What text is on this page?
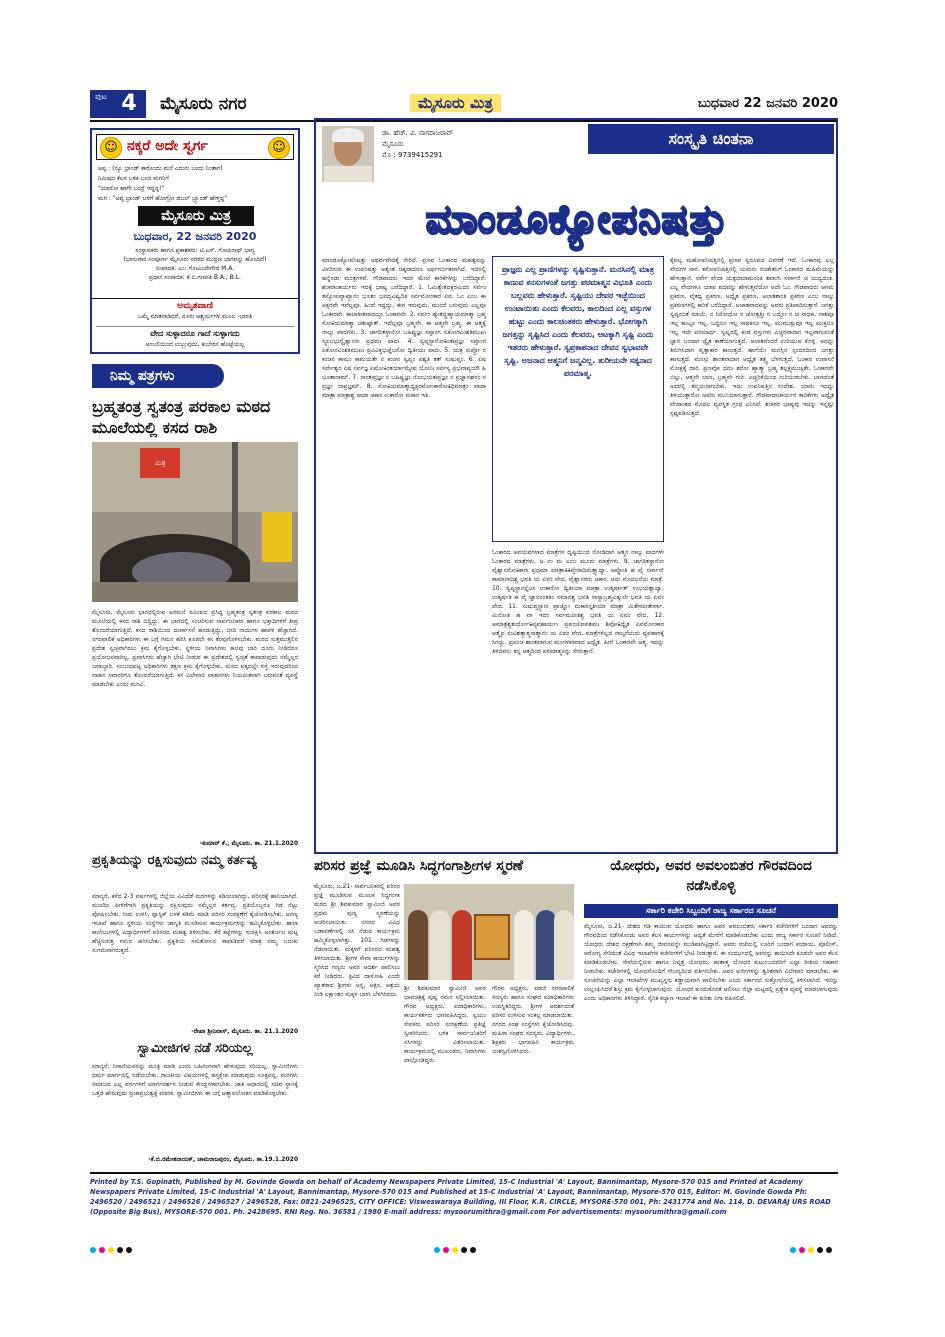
ಪುಟ 4	ಮೈಸೂರು ನಗರ	ಮೈಸೂರು ಮಿತ್ರ	ಬುಧವಾರ 22 ಜನವರಿ 2020
☺ ನಕ್ಕರೆ ಅದೇ ಸ್ವರ್ಗ	☺
ಅಪ್ಪ : (ನ್ಯೂ ಬ್ರಾಂಡ್ ಕಾರೊಂದು ಮನೆ ಎದುರು ಬಂದು ನಿಂತಾಗ)
ನಿಮಿಷದ ಕೆಲಸ ಬಳಿಕ ಬಂದ ಮಗನಿಗೆ
"ಯಾರೋ ಹಾಗೇ ಬಂದ್ರೆ ಇದ್ದನ್ನ!"
ಮಗ : "ಅಪ್ಪ ಬ್ರಾಂಡ್ ಬಳಿಗೆ ಹೋಗ್ರೋ ಡಬಲ್ ಬ್ರ್ಯಾಂಡ್ ಹೇಳ್ತಿದ್ದ"
ಮೈಸೂರು ಮಿತ್ರ
ಬುಧವಾರ, 22 ಜನವರಿ 2020
ಸಂಸ್ಥಾಪಕರು ಹಾಗೂ ಪ್ರಕಾಶಕರು: ಟಿ.ಎಸ್. ಗೋಪಿನಾಥ್ ಭಾಗ್ಯ
(ಭಾನುವಾರ ಸಂಪೂರ್ಣ ಮೈಸೂರು ನಗರದ ಮುದ್ರಣ ಭಾಗವನ್ನು ಹೊಂದಿದೆ)
ಸಂಪಾದಕ: ಎಂ. ಗೋವಿಂದೇಗೌಡ M.A.
ಪ್ರಧಾನ ಸಂಪಾದಕ: ಕೆ.ಬಿ.ಗಣಪತಿ B.A.; B.L.
ಅಮೃತವಾಣಿ
ಒಮ್ಮೆ ಮಾತನಾಡಿದರೆ, ನೂರು ಆಶ್ಚರ್ಯಗಳ ಮೂಲ -ಭಾರತಿ
ವೇದ ಸುಳ್ಳಾದರೂ ಗಾದೆ ಸುಳ್ಳಾಗದು
ಅಂಬಲಿಯಿಂದ ಉಬ್ಬುವುದು, ಕುಬೇರನ ಹೊಟ್ಟೆಯಲ್ಲ
ನಿಮ್ಮ ಪತ್ರಗಳು
ಬ್ರಹ್ಮತಂತ್ರ ಸ್ವತಂತ್ರ ಪರಕಾಲ ಮಠದ ಮೂಲೆಯಲ್ಲಿ ಕಸದ ರಾಶಿ
ಮಿತ್ರ
ಮೈಸೂರು, ಮೈಸೂರು ಭಾಗದಲ್ಲಿರುವ ಅರಮನೆ ಸಮೀಪದ ಪ್ರಸಿದ್ಧ ಬ್ರಹ್ಮತಂತ್ರ ಸ್ವತಂತ್ರ ಪರಕಾಲ ಮಠದ ಮೂಲೆಯಲ್ಲಿ ಕಸದ ರಾಶಿ ಬಿದ್ದಿದ್ದು, ಈ ಭಾಗದಲ್ಲಿ ಸಂಚರಿಸುವ ಸಾರ್ವಜನಿಕರು ಹಾಗೂ ಭಕ್ತಾದಿಗಳಿಗೆ ತೀವ್ರ ತೊಂದರೆಯಾಗುತ್ತಿದೆ. ಕಸದ ರಾಶಿಯಿಂದ ದುರ್ವಾಸನೆ ಹರಡುತ್ತಿದ್ದು, ಬೀದಿ ನಾಯಿಗಳ ಹಾವಳಿ ಹೆಚ್ಚಾಗಿದೆ. ನಗರಪಾಲಿಕೆ ಅಧಿಕಾರಿಗಳು ಈ ಬಗ್ಗೆ ಗಮನ ಹರಿಸಿ ಕೂಡಲೇ ಕಸ ತೆರವುಗೊಳಿಸಬೇಕು. ಮಠದ ಸುತ್ತಮುತ್ತಲಿನ ಪ್ರದೇಶ ಸ್ವಚ್ಛವಾಗಿರಲು ಕ್ರಮ ಕೈಗೊಳ್ಳಬೇಕು. ಸ್ಥಳೀಯ ನಿವಾಸಿಗಳು ಹಲವು ಬಾರಿ ದೂರು ನೀಡಿದರೂ ಪ್ರಯೋಜನವಾಗಿಲ್ಲ. ಪ್ರವಾಸಿಗರು ಹೆಚ್ಚಾಗಿ ಭೇಟಿ ನೀಡುವ ಈ ಪ್ರದೇಶದಲ್ಲಿ ಸ್ವಚ್ಛತೆ ಕಾಪಾಡುವುದು ನಮ್ಮೆಲ್ಲರ ಜವಾಬ್ದಾರಿ. ಸಂಬಂಧಪಟ್ಟ ಅಧಿಕಾರಿಗಳು ತಕ್ಷಣ ಕ್ರಮ ಕೈಗೊಳ್ಳಬೇಕು. ಮಠದ ಪಕ್ಕದಲ್ಲೇ ರಸ್ತೆ ಇರುವುದರಿಂದ ವಾಹನ ಸವಾರರಿಗೂ ತೊಂದರೆಯಾಗುತ್ತಿದೆ. ಕಸ ವಿಲೇವಾರಿ ವಾಹನಗಳು ನಿಯಮಿತವಾಗಿ ಬರುವಂತೆ ವ್ಯವಸ್ಥೆ ಮಾಡಬೇಕು ಎಂದು ಮನವಿ.
-ಕುಮಾರ್ ಕೆ., ಮೈಸೂರು. ತಾ. 21.1.2020
ಪ್ರಕೃತಿಯನ್ನು ರಕ್ಷಿಸುವುದು ನಮ್ಮ ಕರ್ತವ್ಯ
ಮಾನ್ಯರೆ, ಕಳೆದ 2-3 ವರ್ಷಗಳಲ್ಲಿ ಜಿಲ್ಲೆಯ ವಿವಿಧೆಡೆ ಮರಗಳನ್ನು ಕಡಿಯಲಾಗಿದ್ದು, ಪರಿಸರಕ್ಕೆ ಹಾನಿಯಾಗಿದೆ. ಮುಂದಿನ ಪೀಳಿಗೆಗಾಗಿ ಪ್ರಕೃತಿಯನ್ನು ರಕ್ಷಿಸುವುದು ನಮ್ಮೆಲ್ಲರ ಕರ್ತವ್ಯ. ಪ್ರತಿಯೊಬ್ಬರೂ ಗಿಡ ನೆಟ್ಟು ಪೋಷಿಸಬೇಕು. ನೀರು ಉಳಿಸಿ, ಪ್ಲಾಸ್ಟಿಕ್ ಬಳಕೆ ಕಡಿಮೆ ಮಾಡಿ ಪರಿಸರ ಸಂರಕ್ಷಣೆಗೆ ಕೈಜೋಡಿಸಬೇಕು. ಅರಣ್ಯ ಇಲಾಖೆ ಹಾಗೂ ಸ್ಥಳೀಯ ಸಂಸ್ಥೆಗಳು ಜಾಗೃತಿ ಮೂಡಿಸುವ ಕಾರ್ಯಕ್ರಮಗಳನ್ನು ಹಮ್ಮಿಕೊಳ್ಳಬೇಕು. ಶಾಲಾ ಕಾಲೇಜುಗಳಲ್ಲಿ ವಿದ್ಯಾರ್ಥಿಗಳಿಗೆ ಪರಿಸರದ ಮಹತ್ವ ತಿಳಿಸಬೇಕು. ಕೆರೆ ಕಟ್ಟೆಗಳನ್ನು ಸಂರಕ್ಷಿಸಿ ಅಂತರ್ಜಲ ಮಟ್ಟ ಹೆಚ್ಚಿಸುವತ್ತ ಗಮನ ಹರಿಸಬೇಕು. ಪ್ರಕೃತಿಯ ಸಮತೋಲನ ಕಾಪಾಡಿದರೆ ಮಾತ್ರ ನಮ್ಮ ಬದುಕು ಸುಗಮವಾಗಿರುತ್ತದೆ.
-ರೇಖಾ ಶ್ರೀನಿವಾಸ್, ಮೈಸೂರು. ತಾ. 21.1.2020
ಸ್ವಾಮೀಜಿಗಳ ನಡೆ ಸರಿಯಲ್ಲ
ಮಾನ್ಯರೆ, ನಿರಾಣಿಯವರನ್ನು ಮಂತ್ರಿ ಮಾಡಿ ಎಂದು ಬಹಿರಂಗವಾಗಿ ಹೇಳುವುದು ಸರಿಯಲ್ಲ. ಸ್ವಾಮೀಜಿಗಳು ಧರ್ಮ ಮಾರ್ಗದಲ್ಲಿ ನಡೆಯಬೇಕು. ರಾಜಕೀಯ ವಿಷಯಗಳಲ್ಲಿ ಹಸ್ತಕ್ಷೇಪ ಮಾಡುವುದು ಸೂಕ್ತವಲ್ಲ. ಮಠಗಳು ಸಮಾಜದ ಎಲ್ಲ ವರ್ಗಗಳಿಗೆ ಮಾರ್ಗದರ್ಶನ ನೀಡುವ ಕೇಂದ್ರಗಳಾಗಬೇಕು. ಜಾತಿ ಆಧಾರದಲ್ಲಿ ಸಚಿವ ಸ್ಥಾನಕ್ಕೆ ಒತ್ತಡ ಹೇರುವುದು ಪ್ರಜಾಪ್ರಭುತ್ವಕ್ಕೆ ಮಾರಕ. ಸ್ವಾಮೀಜಿಗಳು ಈ ಬಗ್ಗೆ ಆತ್ಮಾವಲೋಕನ ಮಾಡಿಕೊಳ್ಳಬೇಕು.
-ಕೆ.ಬಿ.ರಮೇಶನಾಯಕ್, ಚಾಮರಾಜಪುರಂ, ಮೈಸೂರು. ತಾ.19.1.2020
ಡಾ. ಹೆಚ್. ವಿ. ನಾಗರಾಜರಾವ್
ಮೈಸೂರು
ಮೊ : 9739415291
ಸಂಸ್ಕೃತಿ ಚಿಂತನಾ
ಮಾಂಡೂಕ್ಯೋಪನಿಷತ್ತು
ಮಾಂಡೂಕ್ಯೋಪನಿಷತ್ತು ಅಥರ್ವವೇದಕ್ಕೆ ಸೇರಿದೆ. ಪ್ರಣವ ಓಂಕಾರದ ಮಹತ್ವವನ್ನು ವಿವರಿಸುವ ಈ ಉಪನಿಷತ್ತು ಅತ್ಯಂತ ಚಿಕ್ಕದಾದರೂ ಅರ್ಥಗರ್ಭಿತವಾಗಿದೆ. ಇದರಲ್ಲಿ ಹನ್ನೆರಡು ಮಂತ್ರಗಳಿವೆ. ಗೌಡಪಾದರು ಇದರ ಮೇಲೆ ಕಾರಿಕೆಗಳನ್ನು ಬರೆದಿದ್ದಾರೆ. ಶಂಕರಾಚಾರ್ಯರು ಇದಕ್ಕೆ ಭಾಷ್ಯ ಬರೆದಿದ್ದಾರೆ. 1. ಓಮಿತ್ಯೇತದಕ್ಷರಮಿದಂ ಸರ್ವಂ ತಸ್ಯೋಪವ್ಯಾಖ್ಯಾನಂ ಭೂತಂ ಭವದ್ಭವಿಷ್ಯದಿತಿ ಸರ್ವಮೋಂಕಾರ ಏವ. ಓಂ ಎಂಬ ಈ ಅಕ್ಷರವೇ ಇವೆಲ್ಲವೂ. ಹಿಂದೆ ಇದ್ದದ್ದು, ಈಗ ಇರುವುದು, ಮುಂದೆ ಬರುವುದು ಎಲ್ಲವೂ ಓಂಕಾರವೇ. ಕಾಲಾತೀತವಾದದ್ದೂ ಓಂಕಾರವೇ. 2. ಸರ್ವಂ ಹ್ಯೇತದ್ಬ್ರಹ್ಮಾಯಮಾತ್ಮಾ ಬ್ರಹ್ಮ ಸೋಽಯಮಾತ್ಮಾ ಚತುಷ್ಪಾತ್. ಇದೆಲ್ಲವೂ ಬ್ರಹ್ಮವೇ. ಈ ಆತ್ಮವೇ ಬ್ರಹ್ಮ. ಈ ಆತ್ಮಕ್ಕೆ ನಾಲ್ಕು ಪಾದಗಳು. 3. ಜಾಗರಿತಸ್ಥಾನೋ ಬಹಿಷ್ಪ್ರಜ್ಞಃ ಸಪ್ತಾಂಗ ಏಕೋನವಿಂಶತಿಮುಖಃ ಸ್ಥೂಲಭುಗ್ವೈಶ್ವಾನರಃ ಪ್ರಥಮಃ ಪಾದಃ. 4. ಸ್ವಪ್ನಸ್ಥಾನೋಽಂತಃಪ್ರಜ್ಞಃ ಸಪ್ತಾಂಗ ಏಕೋನವಿಂಶತಿಮುಖಃ ಪ್ರವಿವಿಕ್ತಭುಕ್ತೈಜಸೋ ದ್ವಿತೀಯಃ ಪಾದಃ. 5. ಯತ್ರ ಸುಪ್ತೋ ನ ಕಂಚನ ಕಾಮಂ ಕಾಮಯತೇ ನ ಕಂಚನ ಸ್ವಪ್ನಂ ಪಶ್ಯತಿ ತತ್ ಸುಷುಪ್ತಂ. 6. ಏಷ ಸರ್ವೇಶ್ವರ ಏಷ ಸರ್ವಜ್ಞ ಏಷೋಽಂತರ್ಯಾಮ್ಯೇಷ ಯೋನಿಃ ಸರ್ವಸ್ಯ ಪ್ರಭವಾಪ್ಯಯೌ ಹಿ ಭೂತಾನಾಮ್. 7. ನಾಂತಃಪ್ರಜ್ಞಂ ನ ಬಹಿಷ್ಪ್ರಜ್ಞಂ ನೋಭಯತಃಪ್ರಜ್ಞಂ ನ ಪ್ರಜ್ಞಾನಘನಂ ನ ಪ್ರಜ್ಞಂ ನಾಪ್ರಜ್ಞಮ್. 8. ಸೋಽಯಮಾತ್ಮಾಧ್ಯಕ್ಷರಮೋಂಕಾರೋಽಧಿಮಾತ್ರಂ ಪಾದಾ ಮಾತ್ರಾ ಮಾತ್ರಾಶ್ಚ ಪಾದಾ ಅಕಾರ ಉಕಾರೋ ಮಕಾರ ಇತಿ.
ಪ್ರಾಜ್ಞರು ಎಲ್ಲ ಪ್ರಾಣಿಗಳನ್ನು ಸೃಷ್ಟಿಸುತ್ತಾನೆ. ಮನಸಿನಲ್ಲಿ ಮಾತ್ರ ಕಾಣುವ ಕನಸುಗಳಂತೆ ಜಗತ್ತು ಪರಮಾತ್ಮನ ವಿಭೂತಿ ಎಂದು ಬಲ್ಲವರು ಹೇಳುತ್ತಾರೆ. ಸೃಷ್ಟಿಯು ದೇವರ ಇಚ್ಛೆಯಿಂದ ಉಂಟಾಯಿತು ಎಂದು ಕೆಲವರು, ಕಾಲದಿಂದ ಎಲ್ಲ ವಸ್ತುಗಳ ಹುಟ್ಟು ಎಂದು ಕಾಲಚಿಂತಕರು ಹೇಳುತ್ತಾರೆ. ಭೋಗಕ್ಕಾಗಿ ಜಗತ್ತನ್ನು ಸೃಷ್ಟಿಸಿದ ಎಂದು ಕೆಲವರು, ಆಟಕ್ಕಾಗಿ ಸೃಷ್ಟಿ ಎಂದು ಇತರರು ಹೇಳುತ್ತಾರೆ. ಸ್ವಪ್ರಕಾಶನಾದ ದೇವನ ಸ್ವಭಾವವೇ ಸೃಷ್ಟಿ. ಅಜನಾದ ಆತ್ಮನಿಗೆ ಜನ್ಮವಿಲ್ಲ. ತುರೀಯನೇ ಸತ್ಯನಾದ ಪರಮಾತ್ಮ.
ಓಂಕಾರದ ಅವಯವಗಳಾದ ಮಾತ್ರೆಗಳ ದೃಷ್ಟಿಯಿಂದ ನೋಡಿದಾಗ ಆತ್ಮನ ನಾಲ್ಕು ಪಾದಗಳೇ ಓಂಕಾರದ ಮಾತ್ರೆಗಳು. ಅ ಉ ಮ ಎಂಬ ಮೂರು ಮಾತ್ರೆಗಳು. 9. ಜಾಗರಿತಸ್ಥಾನೋ ವೈಶ್ವಾನರೋಽಕಾರಃ ಪ್ರಥಮಾ ಮಾತ್ರಾಽಽಪ್ತೇರಾದಿಮತ್ತ್ವಾದ್ವಾ. ಆಪ್ನೋತಿ ಹ ವೈ ಸರ್ವಾನ್ ಕಾಮಾನಾದಿಶ್ಚ ಭವತಿ ಯ ಏವಂ ವೇದ. ವೈಶ್ವಾನರನು ಅಕಾರ. ಅದು ಮೊದಲನೆಯ ಮಾತ್ರೆ. 10. ಸ್ವಪ್ನಸ್ಥಾನಸ್ತೈಜಸ ಉಕಾರೋ ದ್ವಿತೀಯಾ ಮಾತ್ರಾ ಉತ್ಕರ್ಷಾತ್ ಉಭಯತ್ವಾದ್ವಾ. ಉತ್ಕರ್ಷತಿ ಹ ವೈ ಜ್ಞಾನಸಂತತಿಂ ಸಮಾನಶ್ಚ ಭವತಿ ನಾಸ್ಯಾಬ್ರಹ್ಮವಿತ್ಕುಲೇ ಭವತಿ ಯ ಏವಂ ವೇದ. 11. ಸುಷುಪ್ತಸ್ಥಾನಃ ಪ್ರಾಜ್ಞೋ ಮಕಾರಸ್ತೃತೀಯಾ ಮಾತ್ರಾ ಮಿತೇರಪೀತೇರ್ವಾ. ಮಿನೋತಿ ಹ ವಾ ಇದಂ ಸರ್ವಮಪೀತಿಶ್ಚ ಭವತಿ ಯ ಏವಂ ವೇದ. 12. ಅಮಾತ್ರಶ್ಚತುರ್ಥೋಽವ್ಯವಹಾರ್ಯಃ ಪ್ರಪಂಚೋಪಶಮಃ ಶಿವೋಽದ್ವೈತ ಏವಮೋಂಕಾರ ಆತ್ಮೈವ ಸಂವಿಶತ್ಯಾತ್ಮನಾತ್ಮಾನಂ ಯ ಏವಂ ವೇದ. ಮಾತ್ರೆಗಳಿಲ್ಲದ ನಾಲ್ಕನೆಯದು ವ್ಯವಹಾರಕ್ಕೆ ಸಿಗದ್ದು. ಪ್ರಪಂಚ ಶಾಂತವಾಗುವ ಮಂಗಳಕರವಾದ ಅದ್ವೈತ. ಹೀಗೆ ಓಂಕಾರವೇ ಆತ್ಮ. ಇದನ್ನು ತಿಳಿದವನು ತನ್ನ ಆತ್ಮದಿಂದ ಪರಮಾತ್ಮನನ್ನು ಸೇರುತ್ತಾನೆ.
ಕೈವಲ್ಯ ಮಹೋಪನಿಷತ್ತಿನಲ್ಲಿ ಪ್ರಣವ ಸ್ವರೂಪದ ವಿವರಣೆ ಇದೆ. ಓಂಕಾರವು ಎಲ್ಲ ವೇದಗಳ ಸಾರ. ಕಠೋಪನಿಷತ್ತಿನಲ್ಲಿ ಯಮನು ನಚಿಕೇತನಿಗೆ ಓಂಕಾರದ ಮಹಿಮೆಯನ್ನು ಹೇಳುತ್ತಾನೆ. ಸರ್ವೇ ವೇದಾ ಯತ್ಪದಮಾಮನಂತಿ ತಪಾಂಸಿ ಸರ್ವಾಣಿ ಚ ಯದ್ವದಂತಿ. ಎಲ್ಲ ವೇದಗಳೂ ಯಾವ ಪದವನ್ನು ಹೇಳುತ್ತವೆಯೋ ಅದೇ ಓಂ. ಗೌಡಪಾದರು ಆಗಮ ಪ್ರಕರಣ, ವೈತಥ್ಯ ಪ್ರಕರಣ, ಅದ್ವೈತ ಪ್ರಕರಣ, ಅಲಾತಶಾಂತಿ ಪ್ರಕರಣ ಎಂಬ ನಾಲ್ಕು ಪ್ರಕರಣಗಳಲ್ಲಿ ಕಾರಿಕೆ ಬರೆದಿದ್ದಾರೆ. ಅಜಾತವಾದವನ್ನು ಅವರು ಪ್ರತಿಪಾದಿಸುತ್ತಾರೆ. ಜಗತ್ತು ಸ್ವಪ್ನದಂತೆ ಮಾಯೆ. ನ ನಿರೋಧೋ ನ ಚೋತ್ಪತ್ತಿಃ ನ ಬದ್ಧೋ ನ ಚ ಸಾಧಕಃ. ನಾಶವೂ ಇಲ್ಲ ಹುಟ್ಟೂ ಇಲ್ಲ. ಬದ್ಧನೂ ಇಲ್ಲ ಸಾಧಕನೂ ಇಲ್ಲ. ಮುಮುಕ್ಷುವೂ ಇಲ್ಲ ಮುಕ್ತನೂ ಇಲ್ಲ ಇದೇ ಪರಮಾರ್ಥ. ಸ್ವಪ್ನದಲ್ಲಿ ಕಂಡ ವಸ್ತುಗಳು ಎಚ್ಚರವಾದಾಗ ಇಲ್ಲವಾಗುವಂತೆ ಜ್ಞಾನ ಬಂದಾಗ ದ್ವೈತ ಕಾಣೆಯಾಗುತ್ತದೆ. ಅಲಾತವೆಂದರೆ ಉರಿಯುವ ಕೊಳ್ಳಿ. ಅದನ್ನು ತಿರುಗಿಸಿದಾಗ ವೃತ್ತಾಕಾರ ಕಾಣುತ್ತದೆ. ಹಾಗೆಯೇ ಮನಸ್ಸಿನ ಸ್ಪಂದನದಿಂದ ಜಗತ್ತು ಕಾಣುತ್ತದೆ. ಮನಸ್ಸು ಶಾಂತವಾದಾಗ ಅದ್ವೈತ ತತ್ತ್ವ ಬೆಳಗುತ್ತದೆ. ಓಂಕಾರ ಉಪಾಸನೆ ಮೋಕ್ಷಕ್ಕೆ ದಾರಿ. ಪ್ರಣವೋ ಧನುಃ ಶರೋ ಹ್ಯಾತ್ಮಾ ಬ್ರಹ್ಮ ತಲ್ಲಕ್ಷ್ಯಮುಚ್ಯತೇ. ಓಂಕಾರವೇ ಬಿಲ್ಲು, ಆತ್ಮವೇ ಬಾಣ, ಬ್ರಹ್ಮವೇ ಗುರಿ. ಎಚ್ಚರಿಕೆಯಿಂದ ಗುರಿಯಿಡಬೇಕು. ಬಾಣದಂತೆ ಅದರಲ್ಲಿ ತನ್ಮಯನಾಗಬೇಕು. ಇದು ಉಪನಿಷತ್ತಿನ ಸಂದೇಶ. ಯಾರು ಇದನ್ನು ತಿಳಿಯುತ್ತಾರೋ ಅವರು ಮುನಿಯಾಗುತ್ತಾರೆ. ಗೌಡಪಾದಾಚಾರ್ಯರ ಕಾರಿಕೆಗಳು ಅದ್ವೈತ ವೇದಾಂತದ ಮೊದಲ ವ್ಯವಸ್ಥಿತ ಗ್ರಂಥ ಎನಿಸಿವೆ. ಶಂಕರರ ಭಾಷ್ಯವು ಇದನ್ನು ಇನ್ನಷ್ಟು ಸ್ಪಷ್ಟಪಡಿಸುತ್ತದೆ.
ಪರಿಸರ ಪ್ರಜ್ಞೆ ಮೂಡಿಸಿ ಸಿದ್ಧಗಂಗಾಶ್ರೀಗಳ ಸ್ಮರಣೆ
ಮೈಸೂರು, ಜ.21- ಸಾರ್ವಜನಿಕರಲ್ಲಿ ಪರಿಸರ ಪ್ರಜ್ಞೆ ಮೂಡಿಸುವ ಮೂಲಕ ಸಿದ್ಧಗಂಗಾ ಮಠದ ಶ್ರೀ ಶಿವಕುಮಾರ ಸ್ವಾಮೀಜಿ ಅವರ ಪ್ರಥಮ ಪುಣ್ಯ ಸ್ಮರಣೆಯನ್ನು ಆಚರಿಸಲಾಯಿತು. ನಗರದ ವಿವಿಧ ಬಡಾವಣೆಗಳಲ್ಲಿ ಸಸಿ ನೆಡುವ ಕಾರ್ಯಕ್ರಮ ಹಮ್ಮಿಕೊಳ್ಳಲಾಗಿತ್ತು. 101 ಗಿಡಗಳನ್ನು ನೆಡಲಾಯಿತು. ಮಕ್ಕಳಿಗೆ ಪರಿಸರದ ಮಹತ್ವ ತಿಳಿಸಲಾಯಿತು. ಶ್ರೀಗಳ ಸೇವಾ ಕಾರ್ಯಗಳನ್ನು ಸ್ಮರಿಸಿದ ಗಣ್ಯರು ಅವರ ಆದರ್ಶ ಪಾಲಿಸಲು ಕರೆ ನೀಡಿದರು. ತ್ರಿವಿಧ ದಾಸೋಹಿ ಎಂದೇ ಖ್ಯಾತರಾದ ಶ್ರೀಗಳು ಅನ್ನ, ಅಕ್ಷರ, ಆಶ್ರಯ ನೀಡಿ ಲಕ್ಷಾಂತರ ಮಕ್ಕಳ ಬಾಳು ಬೆಳಗಿಸಿದರು.
ಶ್ರೀ ಶಿವಕುಮಾರ ಸ್ವಾಮೀಜಿ ಅವರ ಭಾವಚಿತ್ರಕ್ಕೆ ಪುಷ್ಪ ನಮನ ಸಲ್ಲಿಸಲಾಯಿತು. ಗೌರವ ಅಧ್ಯಕ್ಷರು, ಪದಾಧಿಕಾರಿಗಳು, ಕಾರ್ಯಕರ್ತರು ಭಾಗವಹಿಸಿದ್ದರು. ಸ್ವಯಂ ಸೇವಕರು ಪರಿಸರ ಸಂರಕ್ಷಣೆಯ ಪ್ರತಿಜ್ಞೆ ಸ್ವೀಕರಿಸಿದರು. ಬಳಿಕ ಸಾರ್ವಜನಿಕರಿಗೆ ಸಸಿಗಳನ್ನು ವಿತರಿಸಲಾಯಿತು. ಕಾರ್ಯಕ್ರಮದಲ್ಲಿ ಮುಖಂಡರು, ನಿವಾಸಿಗಳು ಪಾಲ್ಗೊಂಡಿದ್ದರು.
ಗೌರವ ಅಧ್ಯಕ್ಷರು, ಮಾಜಿ ನಗರಪಾಲಿಕೆ ಸದಸ್ಯರು ಹಾಗೂ ಸಂಘದ ಪದಾಧಿಕಾರಿಗಳು ಉಪಸ್ಥಿತರಿದ್ದರು. ಶ್ರೀಗಳ ಆದರ್ಶದಂತೆ ಪರಿಸರ ಉಳಿಸುವ ಸಂಕಲ್ಪ ಮಾಡಲಾಯಿತು. ನಗರದ ಸಂಘ ಸಂಸ್ಥೆಗಳು ಕೈಜೋಡಿಸಿದವು. ಮಹಿಳಾ ಸಂಘದ ಸದಸ್ಯರು, ವಿದ್ಯಾರ್ಥಿಗಳು, ಶಿಕ್ಷಕರು ಭಾಗವಹಿಸಿ ಕಾರ್ಯಕ್ರಮ ಯಶಸ್ವಿಗೊಳಿಸಿದರು.
ಯೋಧರು, ಅವರ ಅವಲಂಬಿತರ ಗೌರವದಿಂದ ನಡೆಸಿಕೊಳ್ಳಿ
ಸರ್ಕಾರಿ ಕಚೇರಿ ಸಿಬ್ಬಂದಿಗೆ ರಾಜ್ಯ ಸರ್ಕಾರದ ಸೂಚನೆ
ಮೈಸೂರು, ಜ.21- ದೇಶದ ಗಡಿ ಕಾಯುವ ಯೋಧರು ಹಾಗೂ ಅವರ ಅವಲಂಬಿತರು ಸರ್ಕಾರಿ ಕಚೇರಿಗಳಿಗೆ ಬಂದಾಗ ಅವರನ್ನು ಗೌರವದಿಂದ ನಡೆಸಿಕೊಂಡು ಅವರ ಕೆಲಸ ಕಾರ್ಯಗಳನ್ನು ಆದ್ಯತೆ ಮೇರೆಗೆ ಮಾಡಿಕೊಡಬೇಕು ಎಂದು ರಾಜ್ಯ ಸರ್ಕಾರ ಸೂಚನೆ ನೀಡಿದೆ. ಯೋಧರು ದೇಶದ ರಕ್ಷಣೆಗಾಗಿ ತಮ್ಮ ಜೀವನವನ್ನೇ ಮುಡಿಪಾಗಿಟ್ಟಿದ್ದಾರೆ. ಅವರು ರಜೆಯಲ್ಲಿ ಊರಿಗೆ ಬಂದಾಗ ಕಂದಾಯ, ಪೊಲೀಸ್, ಆರೋಗ್ಯ ಸೇರಿದಂತೆ ವಿವಿಧ ಇಲಾಖೆಗಳ ಕಚೇರಿಗಳಿಗೆ ಭೇಟಿ ನೀಡುತ್ತಾರೆ. ಈ ಸಂದರ್ಭದಲ್ಲಿ ಅವರನ್ನು ಕಾಯಿಸದೇ ಕೂಡಲೇ ಅವರ ಕೆಲಸ ಮಾಡಿಕೊಡಬೇಕು. ಸೇವೆಯಲ್ಲಿರುವ ಹಾಗೂ ನಿವೃತ್ತ ಯೋಧರು, ಹುತಾತ್ಮ ಯೋಧರ ಕುಟುಂಬದವರಿಗೆ ಎಲ್ಲಾ ರೀತಿಯ ಸಹಕಾರ ನೀಡಬೇಕು. ಕಚೇರಿಗಳಲ್ಲಿ ಯೋಧರೊಂದಿಗೆ ಸೌಜನ್ಯದಿಂದ ವರ್ತಿಸಬೇಕು. ಅವರ ಅರ್ಜಿಗಳನ್ನು ತ್ವರಿತವಾಗಿ ವಿಲೇವಾರಿ ಮಾಡಬೇಕು. ಈ ಸೂಚನೆಯನ್ನು ಎಲ್ಲಾ ಇಲಾಖೆಗಳ ಮುಖ್ಯಸ್ಥರು ಕಡ್ಡಾಯವಾಗಿ ಪಾಲಿಸಬೇಕು ಎಂದು ಸರ್ಕಾರದ ಸುತ್ತೋಲೆಯಲ್ಲಿ ತಿಳಿಸಲಾಗಿದೆ. ಇದನ್ನು ಉಲ್ಲಂಘಿಸಿದರೆ ಶಿಸ್ತು ಕ್ರಮ ಕೈಗೊಳ್ಳಲಾಗುವುದು. ಯೋಧರ ಕುಂದುಕೊರತೆ ಆಲಿಸಲು ಜಿಲ್ಲಾ ಮಟ್ಟದಲ್ಲಿ ಪ್ರತ್ಯೇಕ ವ್ಯವಸ್ಥೆ ಮಾಡಲಾಗುವುದು ಎಂದು ಅಧಿಕಾರಿಗಳು ತಿಳಿಸಿದ್ದಾರೆ. ಸೈನಿಕ ಕಲ್ಯಾಣ ಇಲಾಖೆ ಈ ಕುರಿತು ನಿಗಾ ವಹಿಸಲಿದೆ.
Printed by T.S. Gopinath, Published by M. Govinde Gowda on behalf of Academy Newspapers Private Limited, 15-C Industrial 'A' Layout, Bannimantap, Mysore-570 015 and Printed at Academy Newspapers Private Limited, 15-C Industrial 'A' Layout, Bannimantap, Mysore-570 015 and Published at 15-C Industrial 'A' Layout, Bannimantap, Mysore-570 015, Editor: M. Govinde Gowda Ph: 2496520 / 2496521 / 2496526 / 2496527 / 2496528, Fax: 0821-2496525, CITY OFFICE: Visweswaraya Building, III Floor, K.R. CIRCLE, MYSORE-570 001, Ph: 2431774 and No. 114, D. DEVARAJ URS ROAD (Opposite Big Bus), MYSORE-570 001. Ph. 2428695. RNI Reg. No. 36581 / 1980 E-mail address: mysoorumithra@gmail.com For advertisements: mysoorumithra@gmail.com
